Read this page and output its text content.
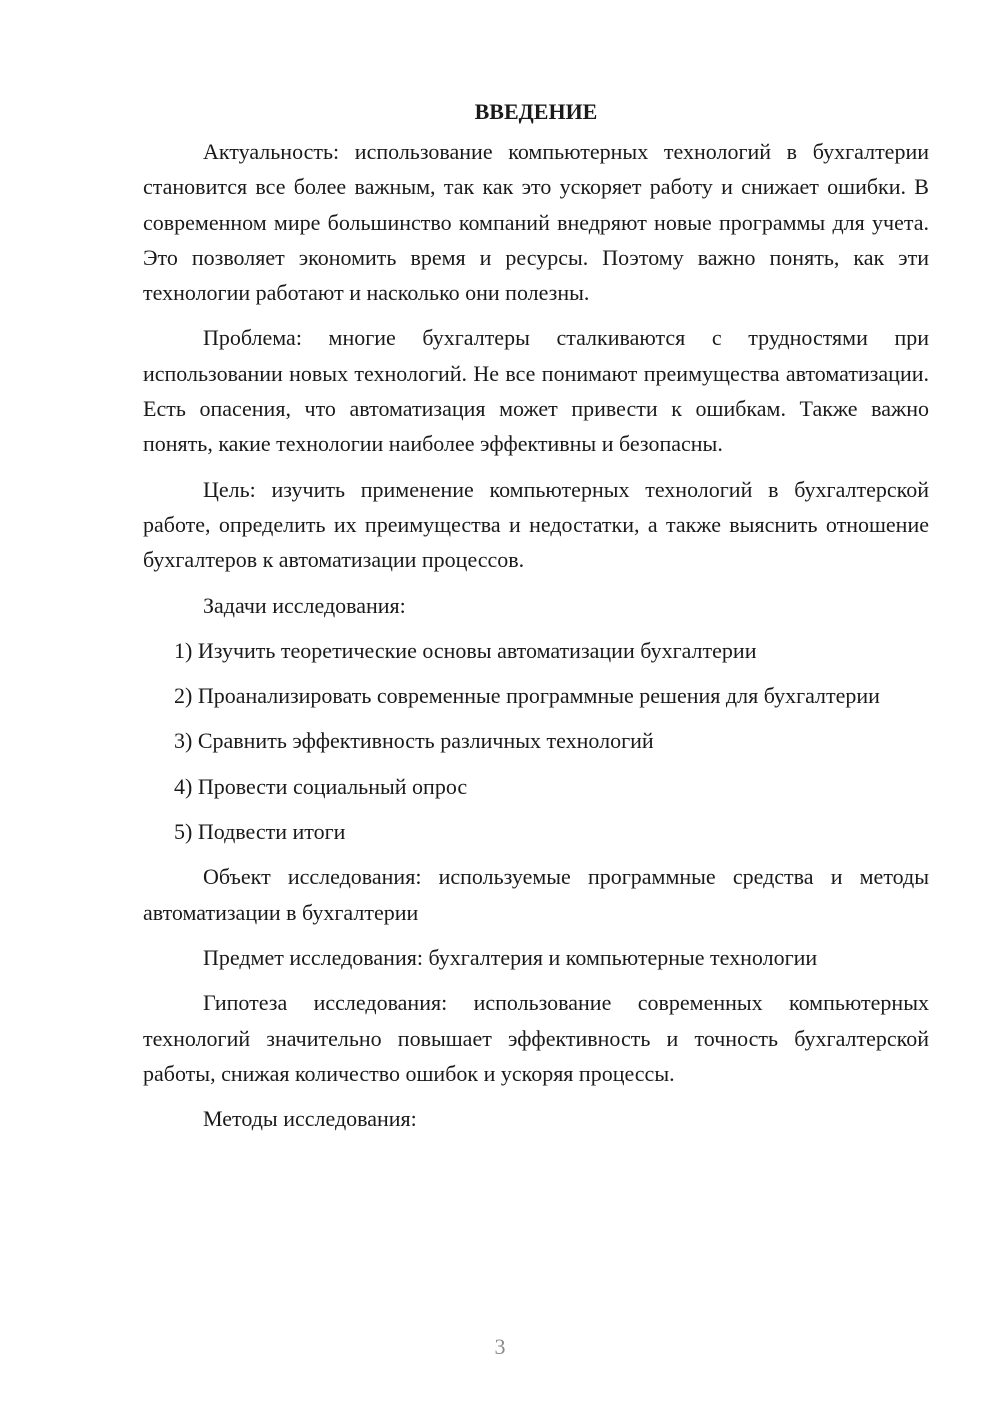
ВВЕДЕНИЕ

Актуальность: использование компьютерных технологий в бухгалтерии становится все более важным, так как это ускоряет работу и снижает ошибки. В современном мире большинство компаний внедряют новые программы для учета. Это позволяет экономить время и ресурсы. Поэтому важно понять, как эти технологии работают и насколько они полезны.

Проблема: многие бухгалтеры сталкиваются с трудностями при использовании новых технологий. Не все понимают преимущества автоматизации. Есть опасения, что автоматизация может привести к ошибкам. Также важно понять, какие технологии наиболее эффективны и безопасны.

Цель: изучить применение компьютерных технологий в бухгалтерской работе, определить их преимущества и недостатки, а также выяснить отношение бухгалтеров к автоматизации процессов.

Задачи исследования:

1) Изучить теоретические основы автоматизации бухгалтерии

2) Проанализировать современные программные решения для бухгалтерии

3) Сравнить эффективность различных технологий

4) Провести социальный опрос

5) Подвести итоги

Объект исследования: используемые программные средства и методы автоматизации в бухгалтерии

Предмет исследования: бухгалтерия и компьютерные технологии

Гипотеза исследования: использование современных компьютерных технологий значительно повышает эффективность и точность бухгалтерской работы, снижая количество ошибок и ускоряя процессы.

Методы исследования:

3
